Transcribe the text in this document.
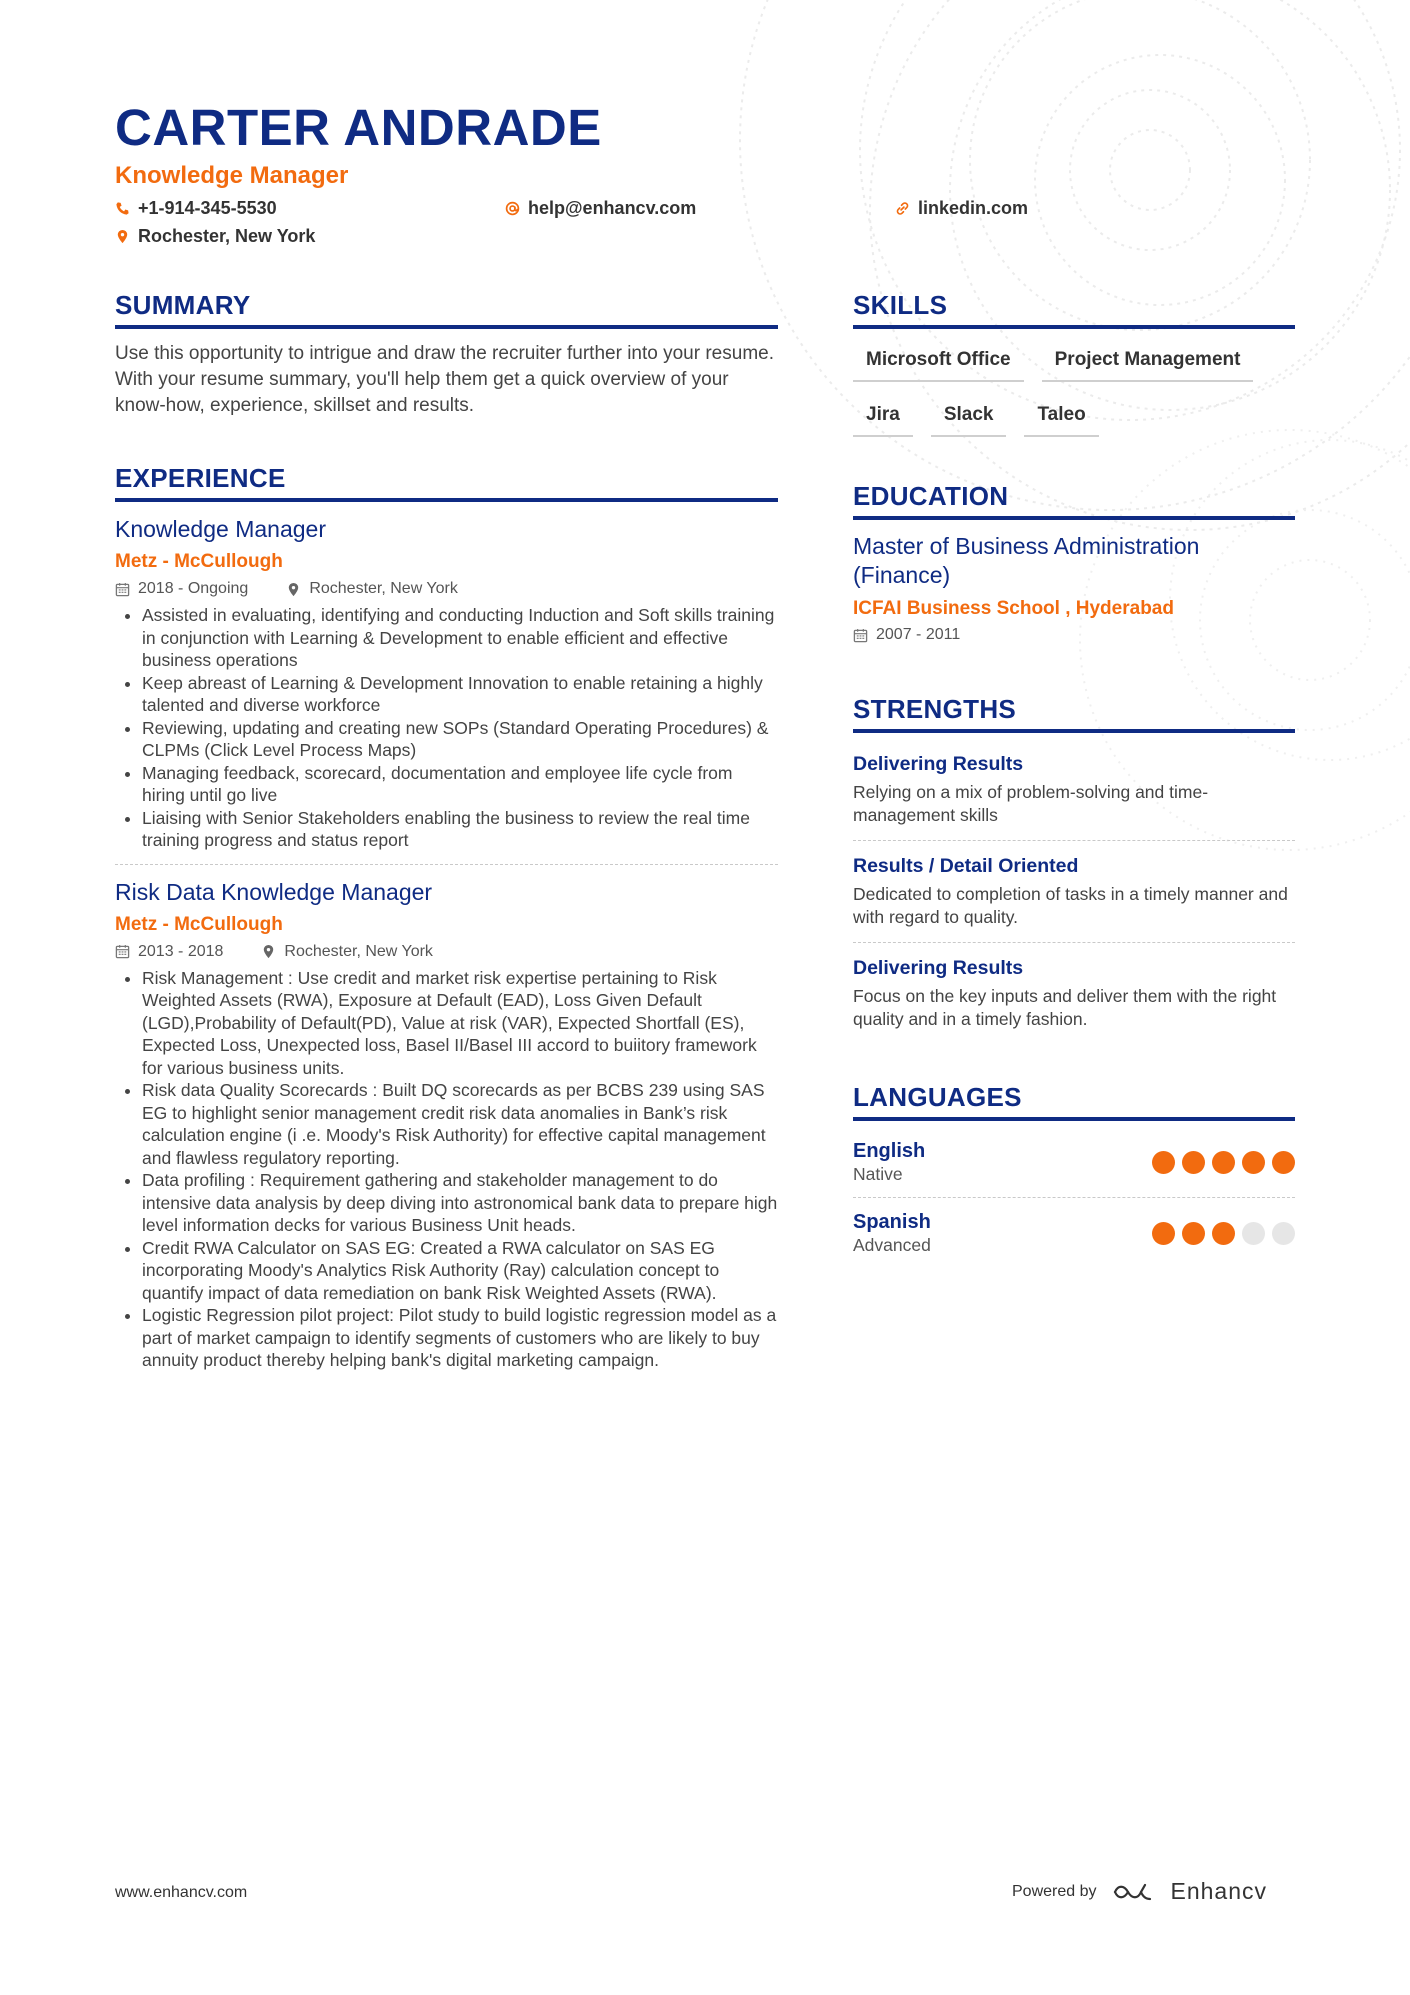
CARTER ANDRADE
Knowledge Manager
+1-914-345-5530	help@enhancv.com	linkedin.com
Rochester, New York
SUMMARY

Use this opportunity to intrigue and draw the recruiter further into your resume. With your resume summary, you'll help them get a quick overview of your know-how, experience, skillset and results.

EXPERIENCE
Knowledge Manager
Metz - McCullough
2018 - Ongoing	Rochester, New York
• Assisted in evaluating, identifying and conducting Induction and Soft skills training in conjunction with Learning & Development to enable efficient and effective business operations
• Keep abreast of Learning & Development Innovation to enable retaining a highly talented and diverse workforce
• Reviewing, updating and creating new SOPs (Standard Operating Procedures) & CLPMs (Click Level Process Maps)
• Managing feedback, scorecard, documentation and employee life cycle from hiring until go live
• Liaising with Senior Stakeholders enabling the business to review the real time training progress and status report
Risk Data Knowledge Manager
Metz - McCullough
2013 - 2018	Rochester, New York
• Risk Management : Use credit and market risk expertise pertaining to Risk Weighted Assets (RWA), Exposure at Default (EAD), Loss Given Default (LGD),Probability of Default(PD), Value at risk (VAR), Expected Shortfall (ES), Expected Loss, Unexpected loss, Basel II/Basel III accord to buiitory framework for various business units.
• Risk data Quality Scorecards : Built DQ scorecards as per BCBS 239 using SAS EG to highlight senior management credit risk data anomalies in Bank’s risk calculation engine (i .e. Moody's Risk Authority) for effective capital management and flawless regulatory reporting.
• Data profiling : Requirement gathering and stakeholder management to do intensive data analysis by deep diving into astronomical bank data to prepare high level information decks for various Business Unit heads.
• Credit RWA Calculator on SAS EG: Created a RWA calculator on SAS EG incorporating Moody's Analytics Risk Authority (Ray) calculation concept to quantify impact of data remediation on bank Risk Weighted Assets (RWA).
• Logistic Regression pilot project: Pilot study to build logistic regression model as a part of market campaign to identify segments of customers who are likely to buy annuity product thereby helping bank's digital marketing campaign.
SKILLS
Microsoft Office	Project Management
Jira	Slack	Taleo
EDUCATION
Master of Business Administration (Finance)
ICFAI Business School , Hyderabad
2007 - 2011
STRENGTHS
Delivering Results
Relying on a mix of problem-solving and time-management skills
Results / Detail Oriented
Dedicated to completion of tasks in a timely manner and with regard to quality.
Delivering Results
Focus on the key inputs and deliver them with the right quality and in a timely fashion.
LANGUAGES
English
Native
Spanish
Advanced
www.enhancv.com	Powered by	Enhancv
